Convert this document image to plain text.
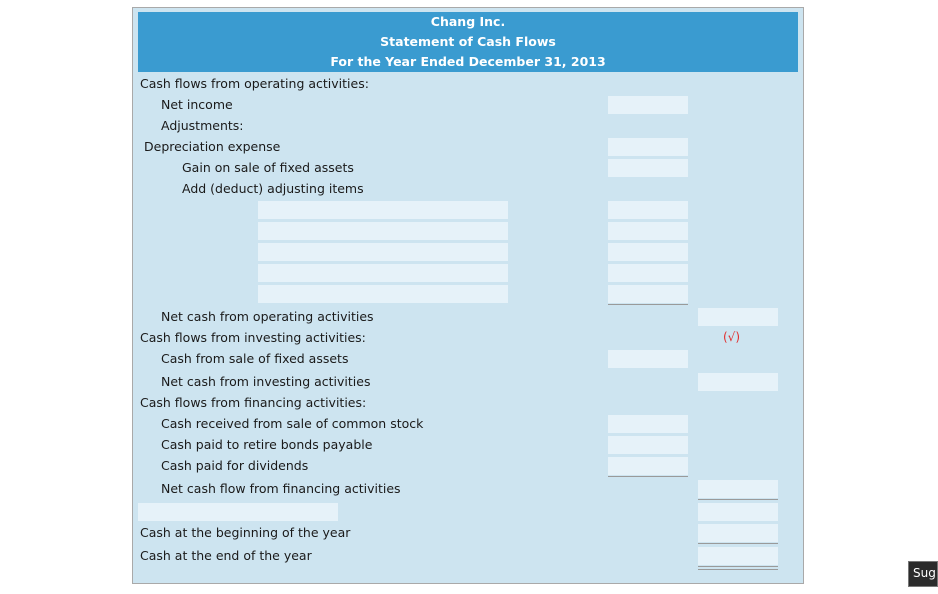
Chang Inc.
Statement of Cash Flows
For the Year Ended December 31, 2013
Cash flows from operating activities:
Net income
Adjustments:
Depreciation expense
Gain on sale of fixed assets
Add (deduct) adjusting items
Net cash from operating activities
Cash flows from investing activities:	(√)
Cash from sale of fixed assets
Net cash from investing activities
Cash flows from financing activities:
Cash received from sale of common stock
Cash paid to retire bonds payable
Cash paid for dividends
Net cash flow from financing activities
Cash at the beginning of the year
Cash at the end of the year
Sug
